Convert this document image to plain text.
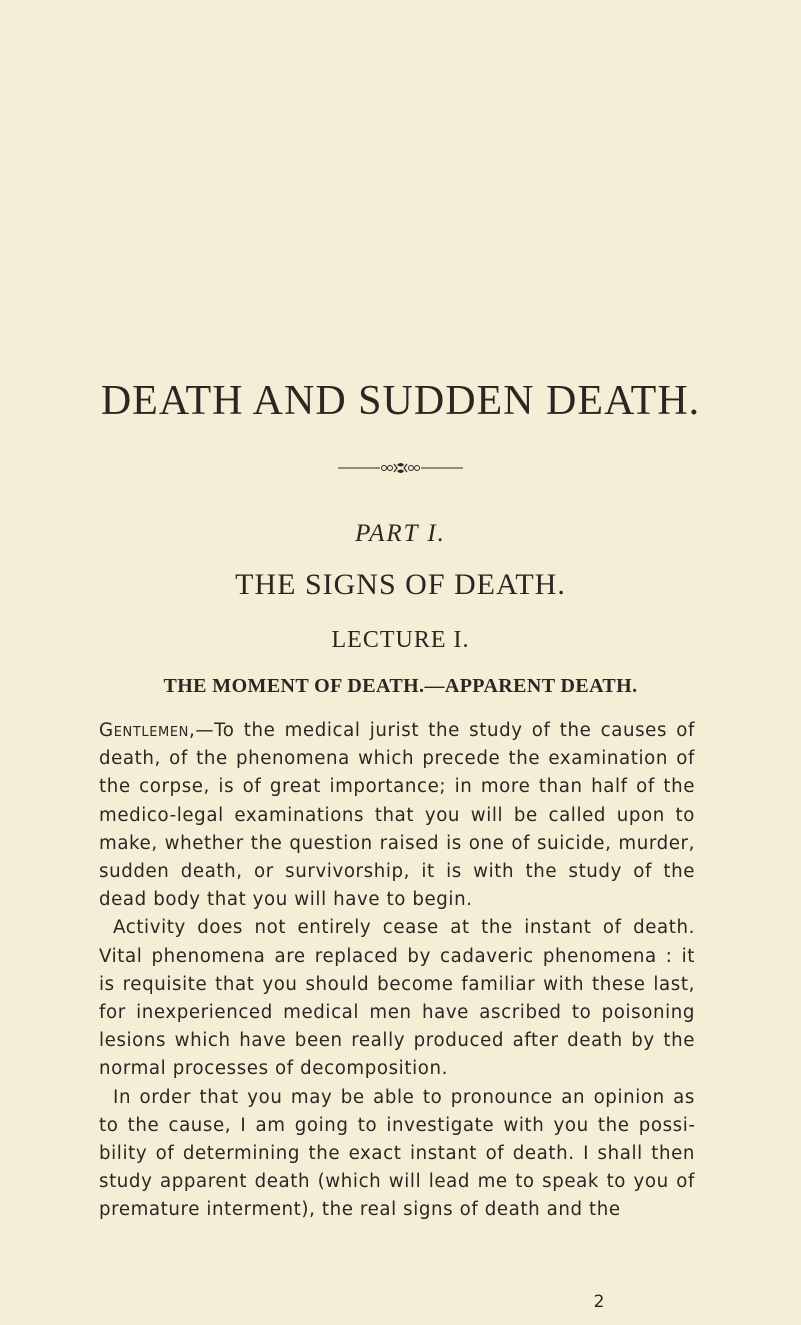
DEATH AND SUDDEN DEATH.
PART I.
THE SIGNS OF DEATH.
LECTURE I.
THE MOMENT OF DEATH.—APPARENT DEATH.

Gentlemen,—To the medical jurist the study of the causes of death, of the phenomena which precede the examination of the corpse, is of great importance; in more than half of the medico-legal examinations that you will be called upon to make, whether the question raised is one of suicide, murder, sudden death, or survivorship, it is with the study of the dead body that you will have to begin.

Activity does not entirely cease at the instant of death. Vital phenomena are replaced by cadaveric phenomena : it is requisite that you should become familiar with these last, for inexperienced medical men have ascribed to poisoning lesions which have been really produced after death by the normal processes of decomposition.

In order that you may be able to pronounce an opinion as to the cause, I am going to investigate with you the possibility of determining the exact instant of death. I shall then study apparent death (which will lead me to speak to you of premature interment), the real signs of death and the

2
